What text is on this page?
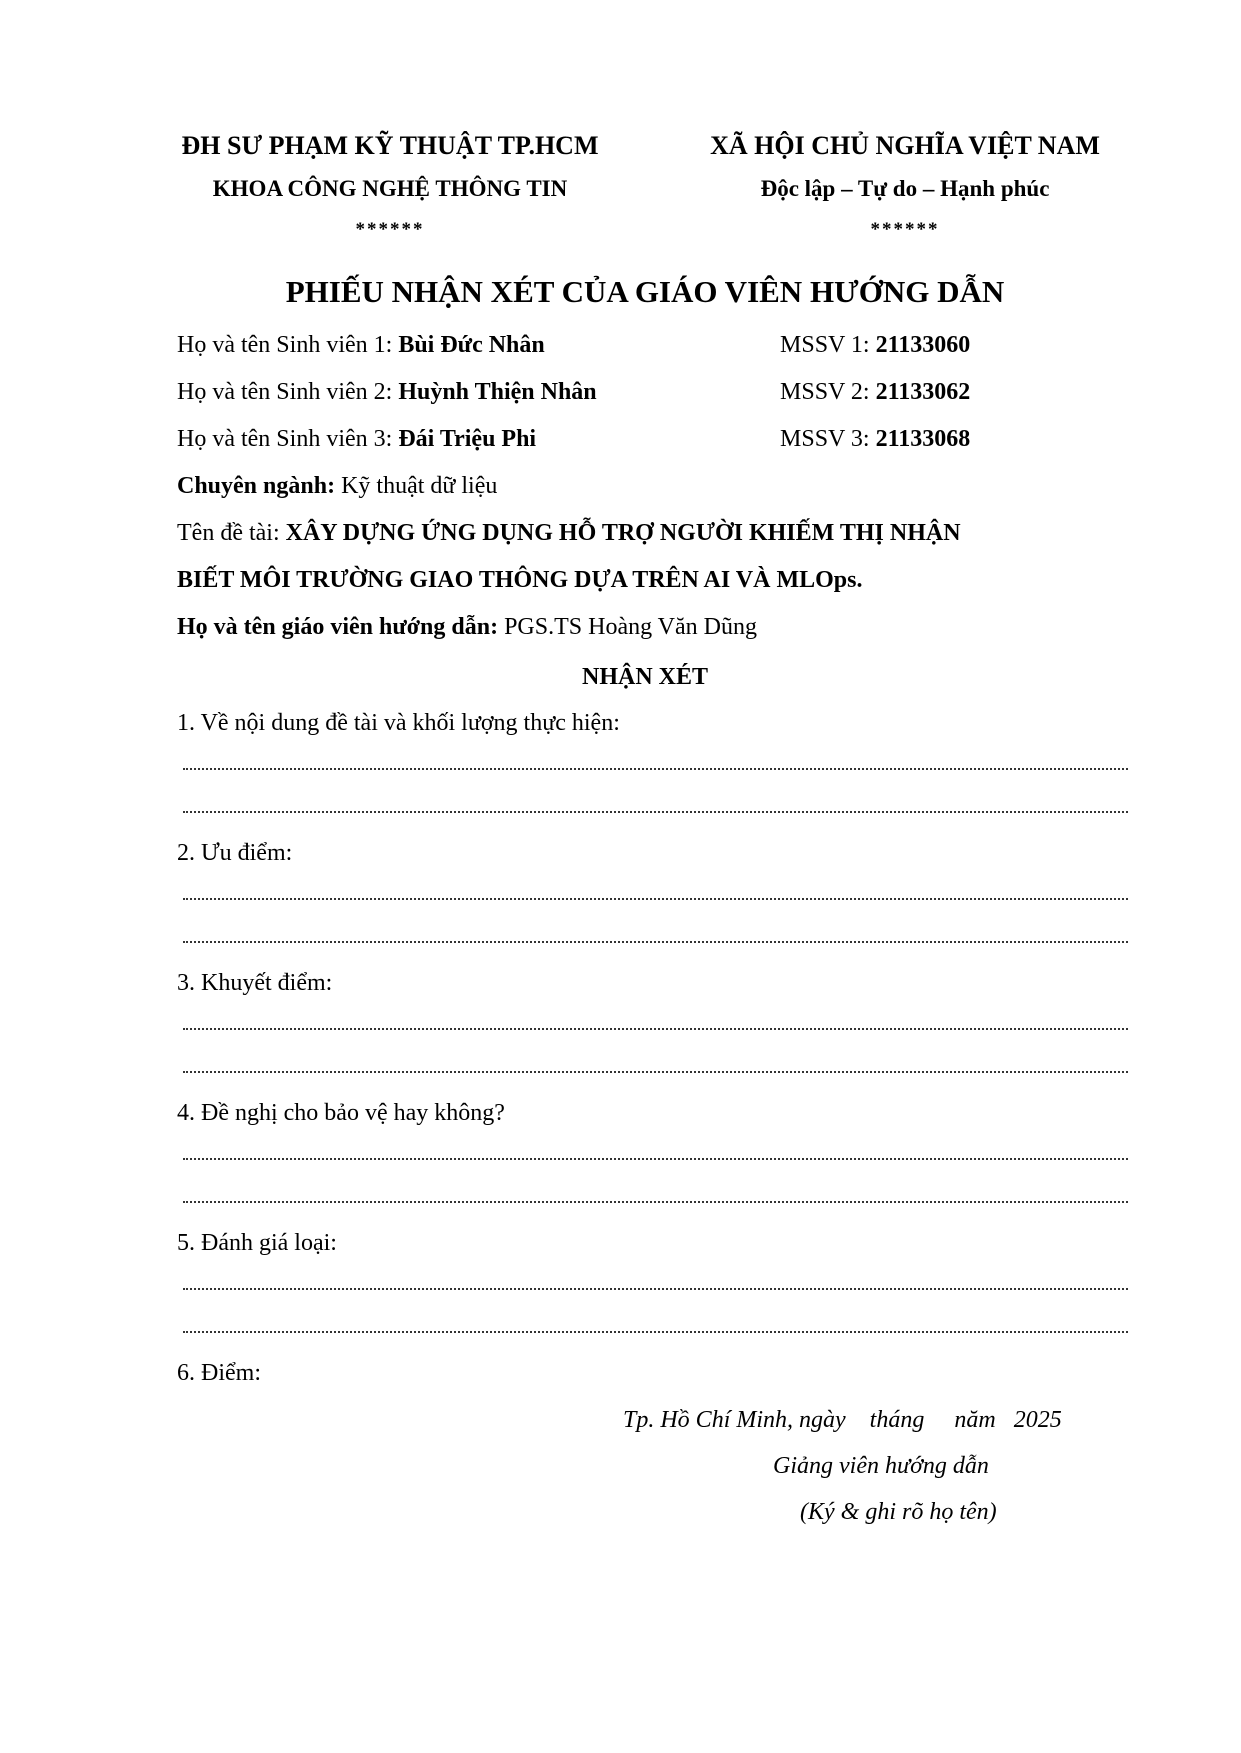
ĐH SƯ PHẠM KỸ THUẬT TP.HCM
KHOA CÔNG NGHỆ THÔNG TIN
******
XÃ HỘI CHỦ NGHĨA VIỆT NAM
Độc lập – Tự do – Hạnh phúc
******
PHIẾU NHẬN XÉT CỦA GIÁO VIÊN HƯỚNG DẪN
Họ và tên Sinh viên 1: Bùi Đức Nhân	MSSV 1: 21133060
Họ và tên Sinh viên 2: Huỳnh Thiện Nhân	MSSV 2: 21133062
Họ và tên Sinh viên 3: Đái Triệu Phi	MSSV 3: 21133068
Chuyên ngành: Kỹ thuật dữ liệu
Tên đề tài: XÂY DỰNG ỨNG DỤNG HỖ TRỢ NGƯỜI KHIẾM THỊ NHẬN
BIẾT MÔI TRƯỜNG GIAO THÔNG DỰA TRÊN AI VÀ MLOps.
Họ và tên giáo viên hướng dẫn: PGS.TS Hoàng Văn Dũng
NHẬN XÉT
1. Về nội dung đề tài và khối lượng thực hiện:
2. Ưu điểm:
3. Khuyết điểm:
4. Đề nghị cho bảo vệ hay không?
5. Đánh giá loại:
6. Điểm:
Tp. Hồ Chí Minh, ngày tháng năm 2025
Giảng viên hướng dẫn
(Ký & ghi rõ họ tên)
